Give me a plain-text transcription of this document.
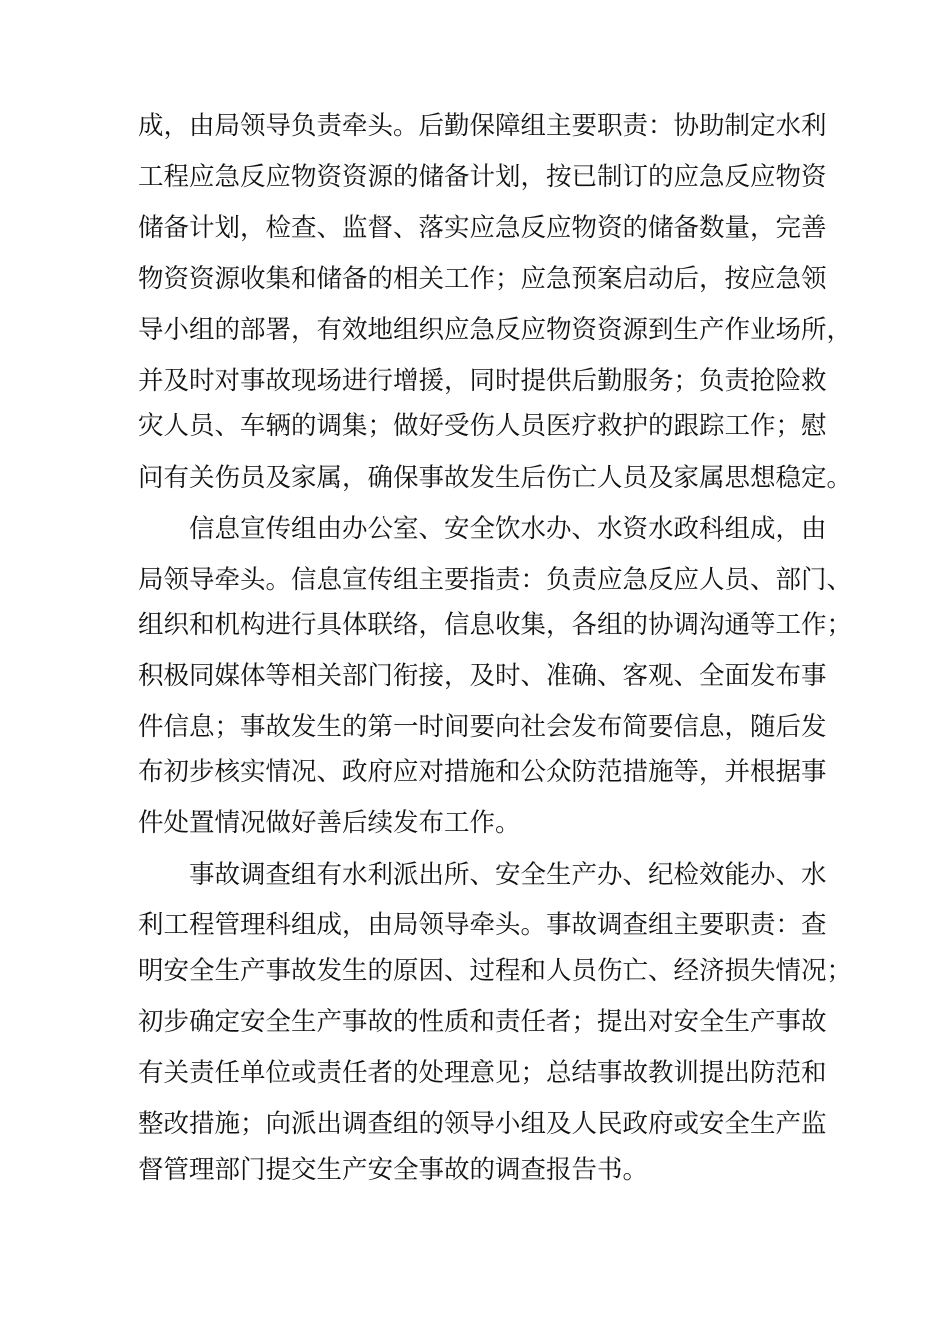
成，由局领导负责牵头。后勤保障组主要职责：协助制定水利

工程应急反应物资资源的储备计划，按已制订的应急反应物资

储备计划，检查、监督、落实应急反应物资的储备数量，完善

物资资源收集和储备的相关工作；应急预案启动后，按应急领

导小组的部署，有效地组织应急反应物资资源到生产作业场所，

并及时对事故现场进行增援，同时提供后勤服务；负责抢险救

灾人员、车辆的调集；做好受伤人员医疗救护的跟踪工作；慰

问有关伤员及家属，确保事故发生后伤亡人员及家属思想稳定。

信息宣传组由办公室、安全饮水办、水资水政科组成，由

局领导牵头。信息宣传组主要指责：负责应急反应人员、部门、

组织和机构进行具体联络，信息收集，各组的协调沟通等工作；

积极同媒体等相关部门衔接，及时、准确、客观、全面发布事

件信息；事故发生的第一时间要向社会发布简要信息，随后发

布初步核实情况、政府应对措施和公众防范措施等，并根据事

件处置情况做好善后续发布工作。

事故调查组有水利派出所、安全生产办、纪检效能办、水

利工程管理科组成，由局领导牵头。事故调查组主要职责：查

明安全生产事故发生的原因、过程和人员伤亡、经济损失情况；

初步确定安全生产事故的性质和责任者；提出对安全生产事故

有关责任单位或责任者的处理意见；总结事故教训提出防范和

整改措施；向派出调查组的领导小组及人民政府或安全生产监

督管理部门提交生产安全事故的调查报告书。
